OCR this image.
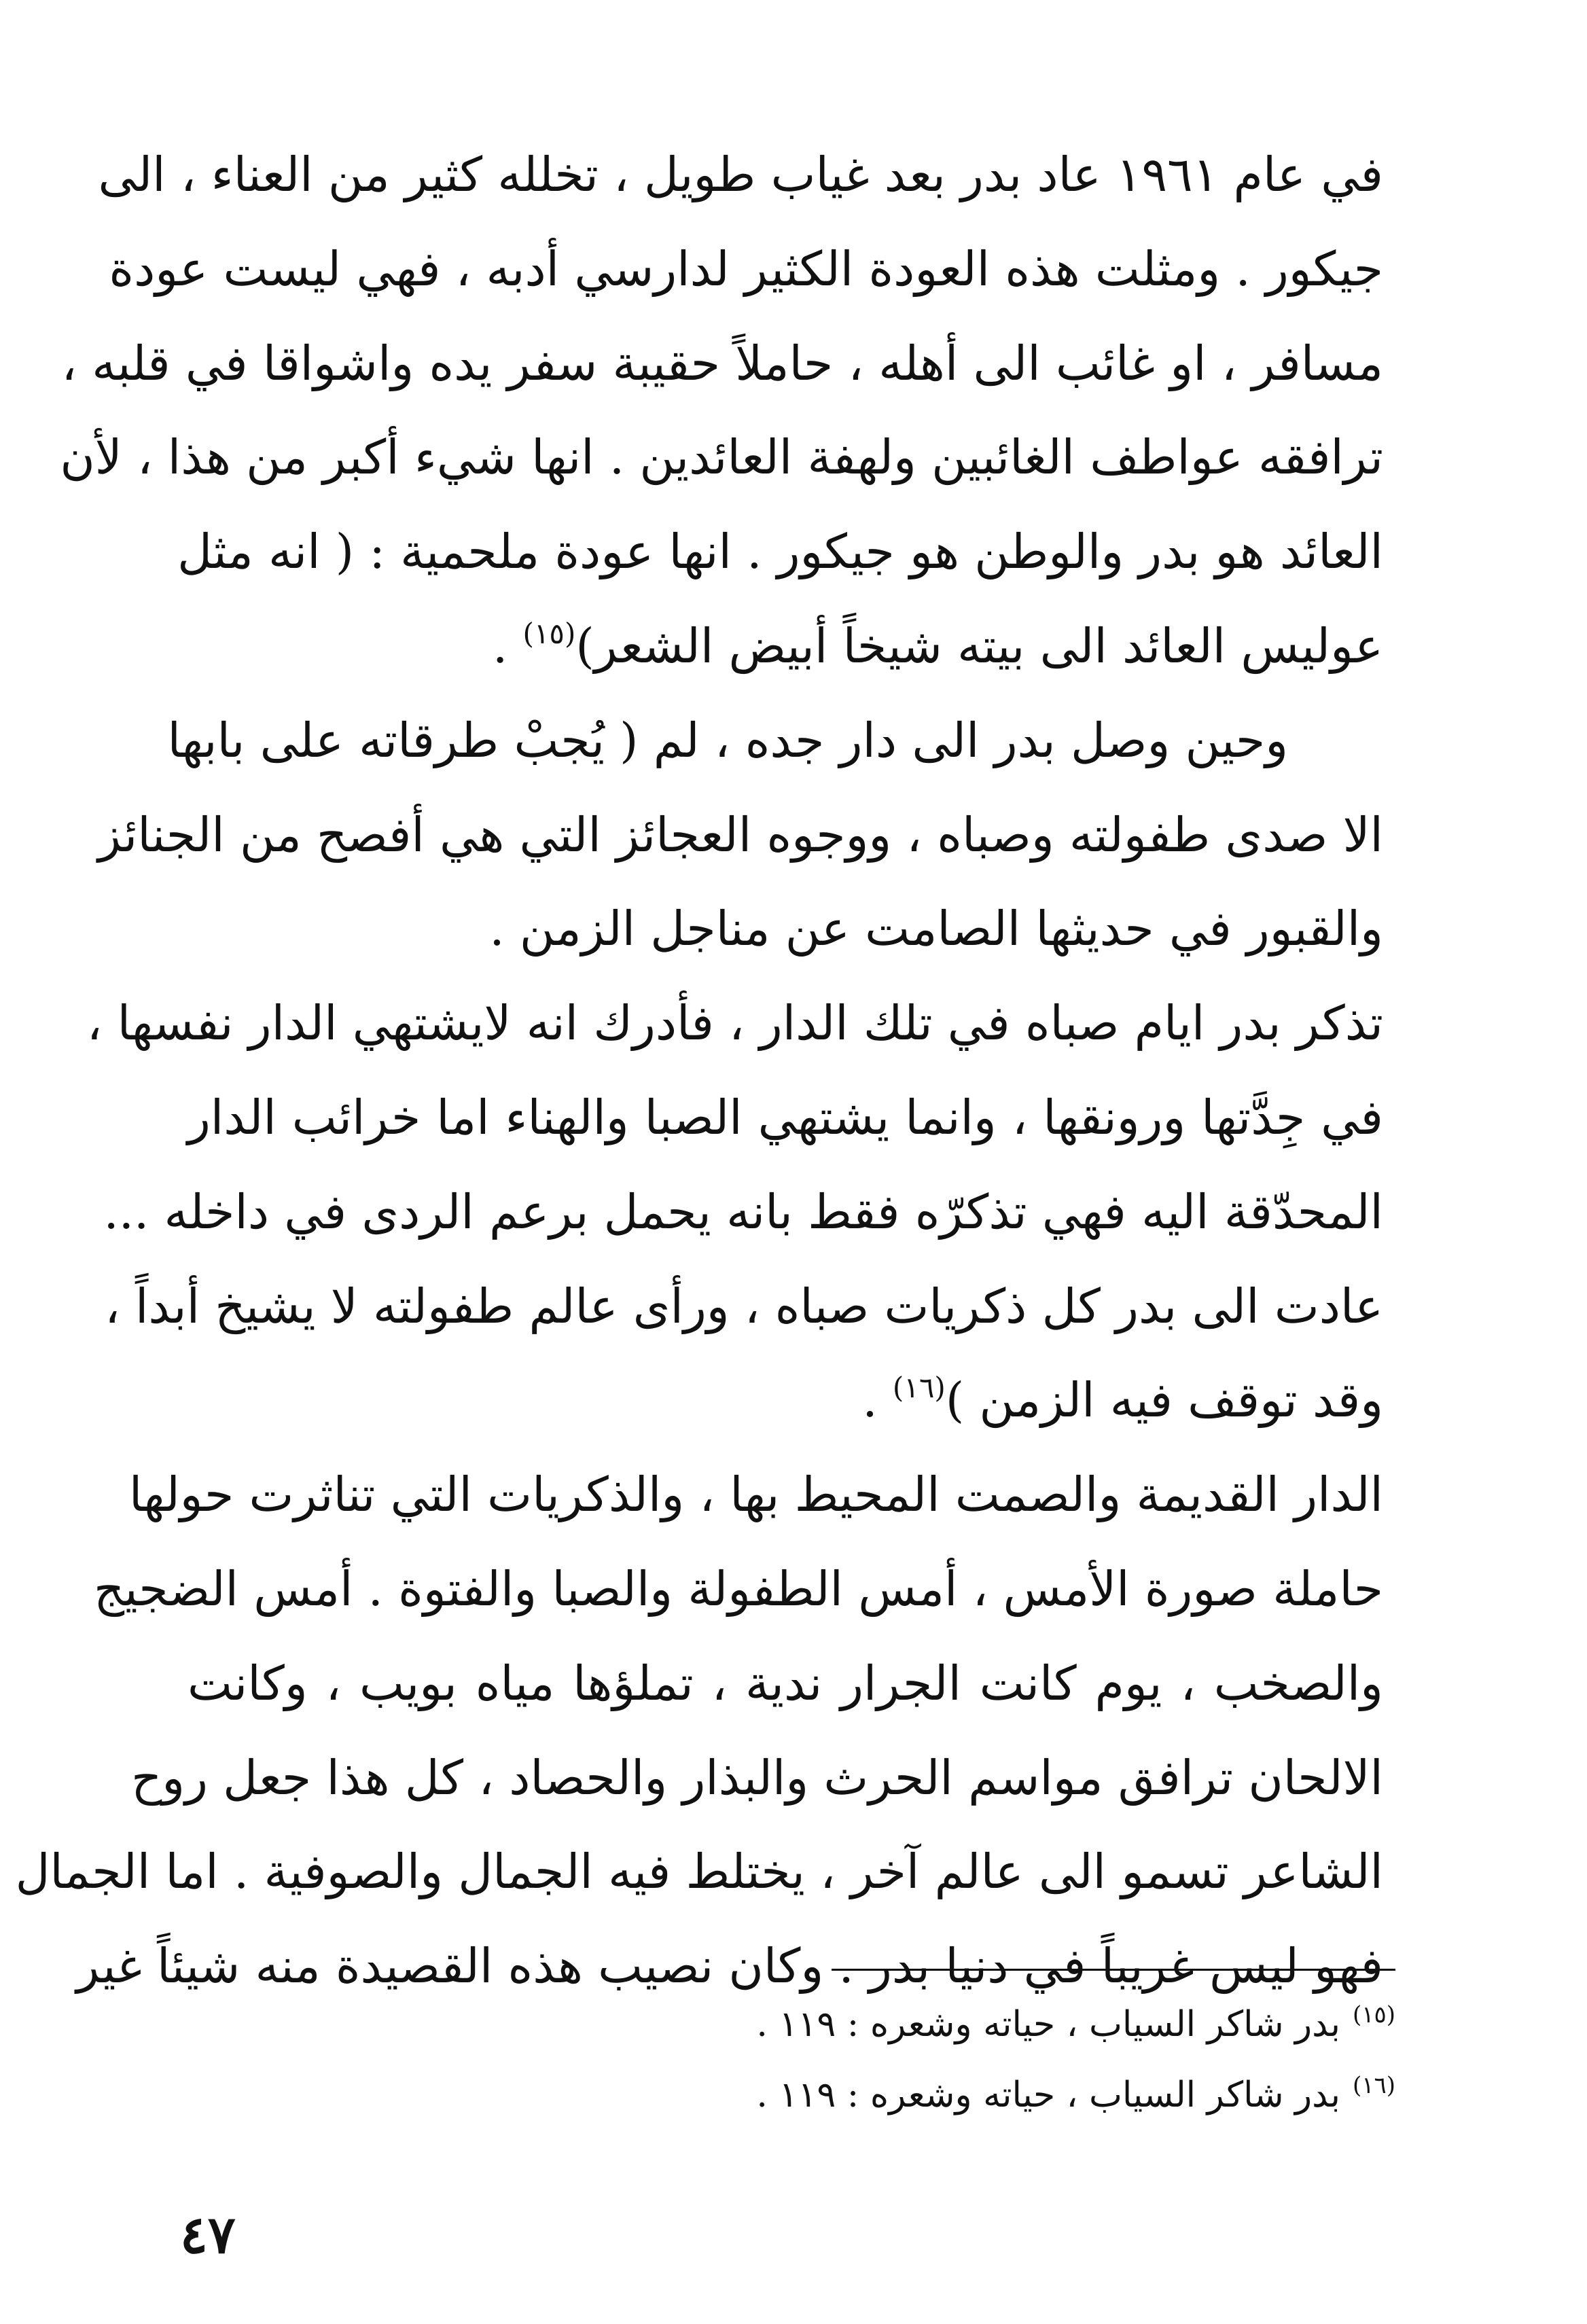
في عام ١٩٦١ عاد بدر بعد غياب طويل ، تخلله كثير من العناء ، الى
جيكور . ومثلت هذه العودة الكثير لدارسي أدبه ، فهي ليست عودة
مسافر ، او غائب الى أهله ، حاملاً حقيبة سفر يده واشواقا في قلبه ،
ترافقه عواطف الغائبين ولهفة العائدين . انها شيء أكبر من هذا ، لأن
العائد هو بدر والوطن هو جيكور . انها عودة ملحمية : ( انه مثل
عوليس العائد الى بيته شيخاً أبيض الشعر)$^{(١٥)}$ .
وحين وصل بدر الى دار جده ، لم ( يُجبْ طرقاته على بابها
الا صدى طفولته وصباه ، ووجوه العجائز التي هي أفصح من الجنائز
والقبور في حديثها الصامت عن مناجل الزمن .
تذكر بدر ايام صباه في تلك الدار ، فأدرك انه لايشتهي الدار نفسها ،
في جِدَّتها ورونقها ، وانما يشتهي الصبا والهناء اما خرائب الدار
المحدّقة اليه فهي تذكرّه فقط بانه يحمل برعم الردى في داخله ...
عادت الى بدر كل ذكريات صباه ، ورأى عالم طفولته لا يشيخ أبداً ،
وقد توقف فيه الزمن )$^{(١٦)}$ .
الدار القديمة والصمت المحيط بها ، والذكريات التي تناثرت حولها
حاملة صورة الأمس ، أمس الطفولة والصبا والفتوة . أمس الضجيج
والصخب ، يوم كانت الجرار ندية ، تملؤها مياه بويب ، وكانت
الالحان ترافق مواسم الحرث والبذار والحصاد ، كل هذا جعل روح
الشاعر تسمو الى عالم آخر ، يختلط فيه الجمال والصوفية . اما الجمال
فهو ليس غريباً في دنيا بدر . وكان نصيب هذه القصيدة منه شيئاً غير
$^{(١٥)}$بدر شاكر السياب ، حياته وشعره : ١١٩ .
$^{(١٦)}$بدر شاكر السياب ، حياته وشعره : ١١٩ .
٤٧
